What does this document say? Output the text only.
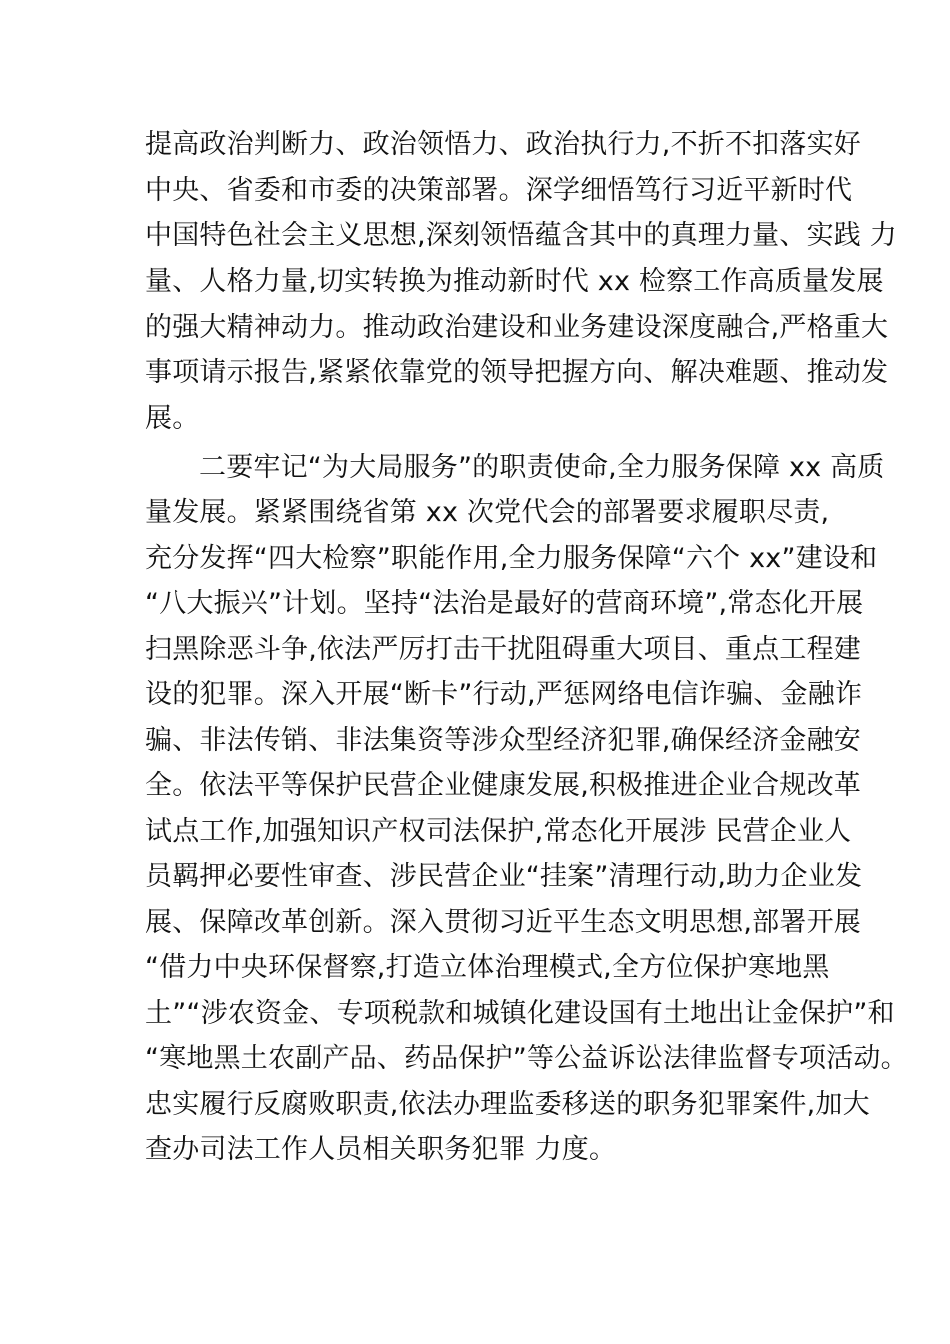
提高政治判断力、政治领悟力、政治执行力,不折不扣落实好
中央、省委和市委的决策部署。深学细悟笃行习近平新时代
中国特色社会主义思想,深刻领悟蕴含其中的真理力量、实践 力
量、人格力量,切实转换为推动新时代 xx 检察工作高质量发展
的强大精神动力。推动政治建设和业务建设深度融合,严格重大
事项请示报告,紧紧依靠党的领导把握方向、解决难题、推动发
展。
二要牢记“为大局服务”的职责使命,全力服务保障 xx 高质
量发展。紧紧围绕省第 xx 次党代会的部署要求履职尽责,
充分发挥“四大检察”职能作用,全力服务保障“六个 xx”建设和
“八大振兴”计划。坚持“法治是最好的营商环境”,常态化开展
扫黑除恶斗争,依法严厉打击干扰阻碍重大项目、重点工程建
设的犯罪。深入开展“断卡”行动,严惩网络电信诈骗、金融诈
骗、非法传销、非法集资等涉众型经济犯罪,确保经济金融安
全。依法平等保护民营企业健康发展,积极推进企业合规改革
试点工作,加强知识产权司法保护,常态化开展涉 民营企业人
员羁押必要性审查、涉民营企业“挂案”清理行动,助力企业发
展、保障改革创新。深入贯彻习近平生态文明思想,部署开展
“借力中央环保督察,打造立体治理模式,全方位保护寒地黑
土”“涉农资金、专项税款和城镇化建设国有土地出让金保护”和
“寒地黑土农副产品、药品保护”等公益诉讼法律监督专项活动。
忠实履行反腐败职责,依法办理监委移送的职务犯罪案件,加大
查办司法工作人员相关职务犯罪 力度。
